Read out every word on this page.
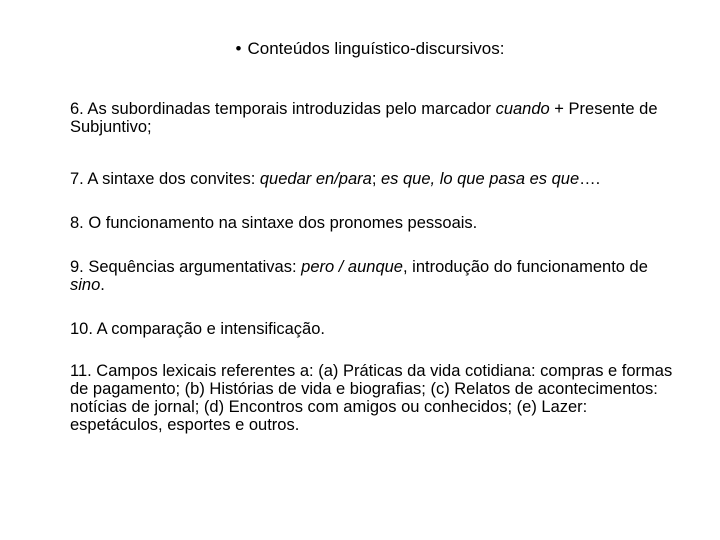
• Conteúdos linguístico-discursivos:
6. As subordinadas temporais introduzidas pelo marcador cuando + Presente de Subjuntivo;
7. A sintaxe dos convites: quedar en/para; es que, lo que pasa es que….
8. O funcionamento na sintaxe dos pronomes pessoais.
9. Sequências argumentativas: pero / aunque, introdução do funcionamento de sino.
10. A comparação e intensificação.
11. Campos lexicais referentes a: (a) Práticas da vida cotidiana: compras e formas de pagamento; (b) Histórias de vida e biografias; (c) Relatos de acontecimentos: notícias de jornal; (d) Encontros com amigos ou conhecidos; (e) Lazer: espetáculos, esportes e outros.
